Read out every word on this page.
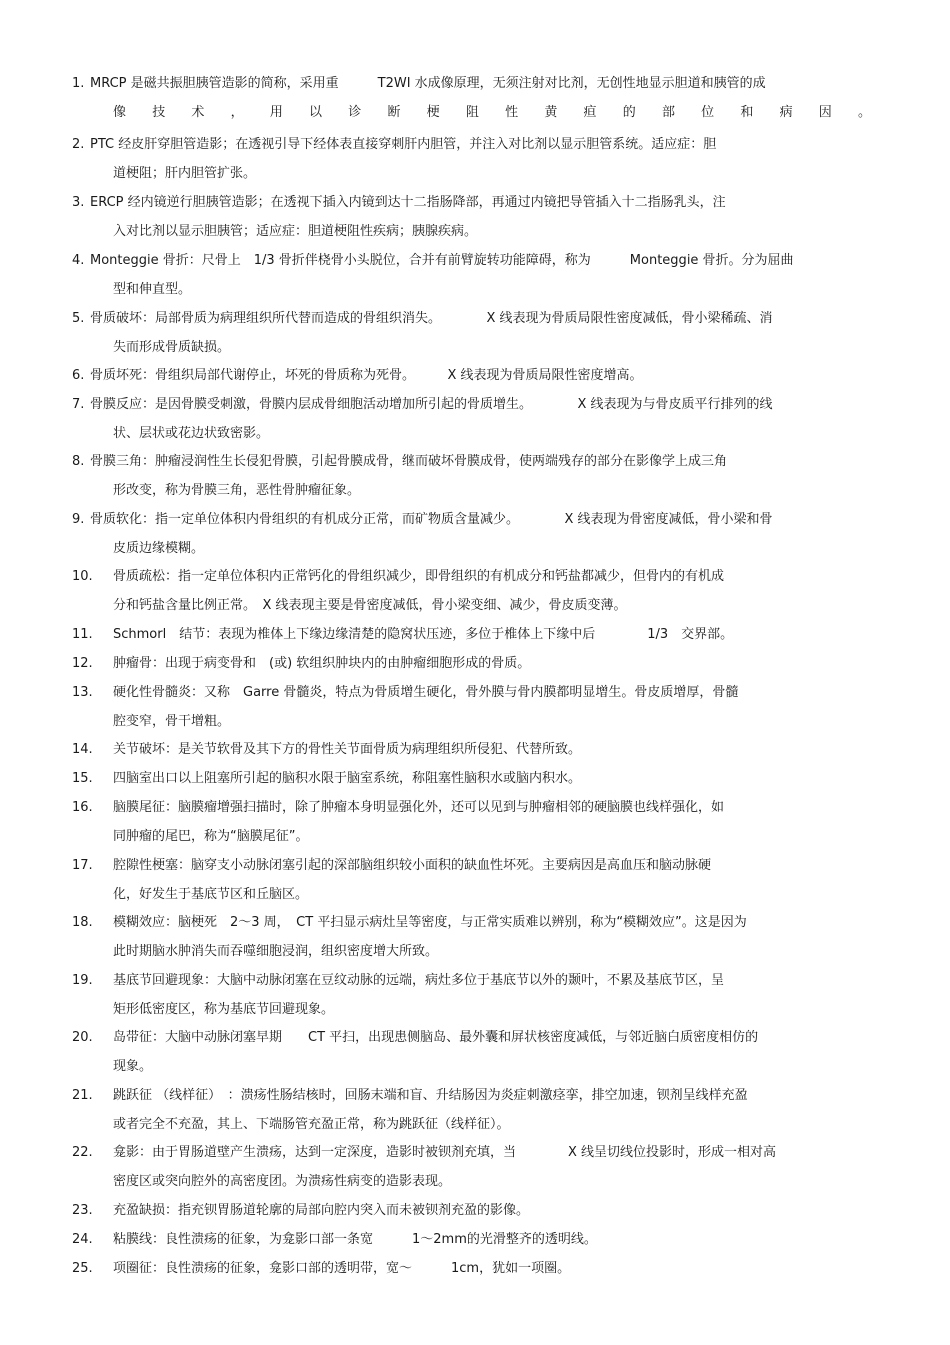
1. MRCP 是磁共振胆胰管造影的简称，采用重　　　T2WI 水成像原理，无须注射对比剂，无创性地显示胆道和胰管的成
像 技 术 ， 用 以 诊 断 梗 阻 性 黄 疸 的 部 位 和 病 因 。
2. PTC 经皮肝穿胆管造影；在透视引导下经体表直接穿刺肝内胆管，并注入对比剂以显示胆管系统。适应症：胆
道梗阻；肝内胆管扩张。
3. ERCP 经内镜逆行胆胰管造影；在透视下插入内镜到达十二指肠降部，再通过内镜把导管插入十二指肠乳头，注
入对比剂以显示胆胰管；适应症：胆道梗阻性疾病；胰腺疾病。
4. Monteggie 骨折：尺骨上　1/3 骨折伴桡骨小头脱位，合并有前臂旋转功能障碍，称为　　　Monteggie 骨折。分为屈曲
型和伸直型。
5. 骨质破坏：局部骨质为病理组织所代替而造成的骨组织消失。　　　　X 线表现为骨质局限性密度减低，骨小梁稀疏、消
失而形成骨质缺损。
6. 骨质坏死：骨组织局部代谢停止，坏死的骨质称为死骨。　　　X 线表现为骨质局限性密度增高。
7. 骨膜反应：是因骨膜受刺激，骨膜内层成骨细胞活动增加所引起的骨质增生。　　　　X 线表现为与骨皮质平行排列的线
状、层状或花边状致密影。
8. 骨膜三角：肿瘤浸润性生长侵犯骨膜，引起骨膜成骨，继而破坏骨膜成骨，使两端残存的部分在影像学上成三角
形改变，称为骨膜三角，恶性骨肿瘤征象。
9. 骨质软化：指一定单位体积内骨组织的有机成分正常，而矿物质含量减少。　　　　X 线表现为骨密度减低，骨小梁和骨
皮质边缘模糊。
10. 骨质疏松：指一定单位体积内正常钙化的骨组织减少，即骨组织的有机成分和钙盐都减少，但骨内的有机成
分和钙盐含量比例正常。　X 线表现主要是骨密度减低，骨小梁变细、减少，骨皮质变薄。
11. Schmorl　结节：表现为椎体上下缘边缘清楚的隐窝状压迹，多位于椎体上下缘中后　　　　1/3　交界部。
12. 肿瘤骨：出现于病变骨和　(或) 软组织肿块内的由肿瘤细胞形成的骨质。
13. 硬化性骨髓炎：又称　Garre 骨髓炎，特点为骨质增生硬化，骨外膜与骨内膜都明显增生。骨皮质增厚，骨髓
腔变窄，骨干增粗。
14. 关节破坏：是关节软骨及其下方的骨性关节面骨质为病理组织所侵犯、代替所致。
15. 四脑室出口以上阻塞所引起的脑积水限于脑室系统，称阻塞性脑积水或脑内积水。
16. 脑膜尾征：脑膜瘤增强扫描时，除了肿瘤本身明显强化外，还可以见到与肿瘤相邻的硬脑膜也线样强化，如
同肿瘤的尾巴，称为“脑膜尾征”。
17. 腔隙性梗塞：脑穿支小动脉闭塞引起的深部脑组织较小面积的缺血性坏死。主要病因是高血压和脑动脉硬
化，好发生于基底节区和丘脑区。
18. 模糊效应：脑梗死　2～3 周，　CT 平扫显示病灶呈等密度，与正常实质难以辨别，称为“模糊效应”。这是因为
此时期脑水肿消失而吞噬细胞浸润，组织密度增大所致。
19. 基底节回避现象：大脑中动脉闭塞在豆纹动脉的远端，病灶多位于基底节以外的颞叶，不累及基底节区，呈
矩形低密度区，称为基底节回避现象。
20. 岛带征：大脑中动脉闭塞早期　　CT 平扫，出现患侧脑岛、最外囊和屏状核密度减低，与邻近脑白质密度相仿的
现象。
21. 跳跃征 （线样征）　：溃疡性肠结核时，回肠末端和盲、升结肠因为炎症刺激痉挛，排空加速，钡剂呈线样充盈
或者完全不充盈，其上、下端肠管充盈正常，称为跳跃征（线样征）。
22. 龛影：由于胃肠道壁产生溃疡，达到一定深度，造影时被钡剂充填，当　　　　X 线呈切线位投影时，形成一相对高
密度区或突向腔外的高密度团。为溃疡性病变的造影表现。
23. 充盈缺损：指充钡胃肠道轮廓的局部向腔内突入而未被钡剂充盈的影像。
24. 粘膜线：良性溃疡的征象，为龛影口部一条宽　　　1～2mm的光滑整齐的透明线。
25. 项圈征：良性溃疡的征象，龛影口部的透明带，宽～　　　1cm，犹如一项圈。
